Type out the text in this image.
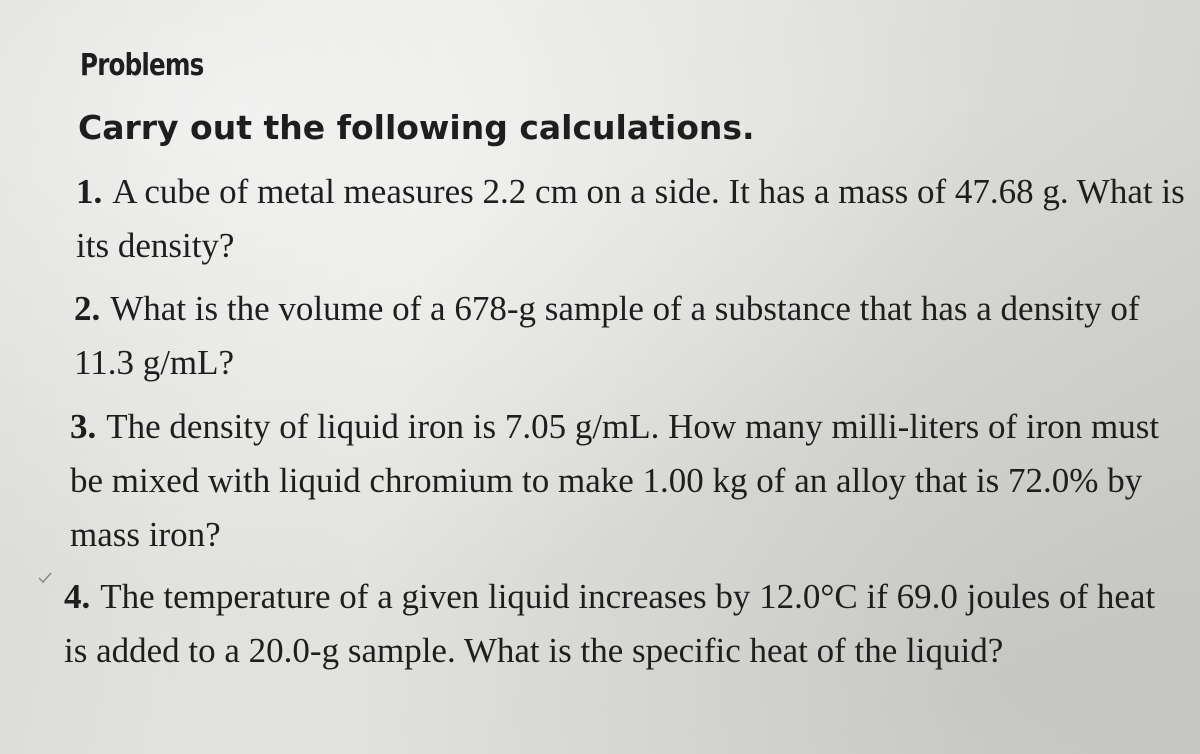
Problems
Carry out the following calculations.
1. A cube of metal measures 2.2 cm on a side. It has a mass of 47.68 g. What is its density?
2. What is the volume of a 678-g sample of a substance that has a density of 11.3 g/mL?
3. The density of liquid iron is 7.05 g/mL. How many milli-liters of iron must be mixed with liquid chromium to make 1.00 kg of an alloy that is 72.0% by mass iron?
4. The temperature of a given liquid increases by 12.0°C if 69.0 joules of heat is added to a 20.0-g sample. What is the specific heat of the liquid?
